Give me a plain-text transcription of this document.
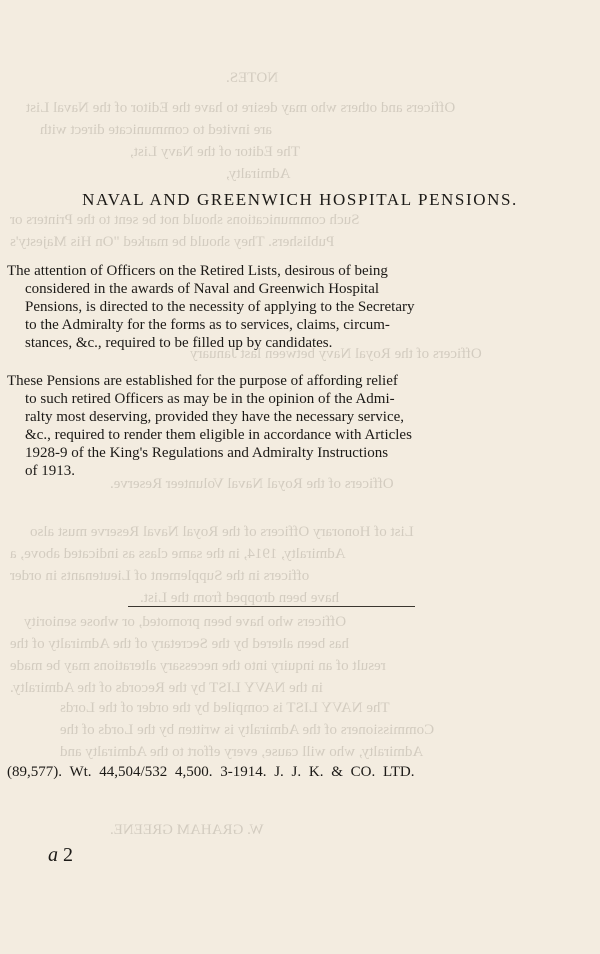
NOTES.
Officers and others who may desire to have the Editor of the Naval List
are invited to communicate direct with
The Editor of the Navy List,
Admiralty,
Such communications should not be sent to the Printers or
Publishers. They should be marked "On His Majesty's
Officers of the Royal Navy between last January
Officers of the Royal Naval Volunteer Reserve.
List of Honorary Officers of the Royal Naval Reserve must also
Admiralty, 1914, in the same class as indicated above, a
officers in the Supplement of Lieutenants in order
have been dropped from the List.
Officers who have been promoted, or whose seniority
has been altered by the Secretary of the Admiralty of the
result of an inquiry into the necessary alterations may be made
in the NAVY LIST by the Records of the Admiralty.
The NAVY LIST is compiled by the order of the Lords
Commissioners of the Admiralty is written by the Lords of the
Admiralty, who will cause, every effort to the Admiralty and
W. GRAHAM GREENE.
NAVAL AND GREENWICH HOSPITAL PENSIONS.
The attention of Officers on the Retired Lists, desirous of being
considered in the awards of Naval and Greenwich Hospital
Pensions, is directed to the necessity of applying to the Secretary
to the Admiralty for the forms as to services, claims, circum-
stances, &c., required to be filled up by candidates.
These Pensions are established for the purpose of affording relief
to such retired Officers as may be in the opinion of the Admi-
ralty most deserving, provided they have the necessary service,
&c., required to render them eligible in accordance with Articles
1928-9 of the King's Regulations and Admiralty Instructions
of 1913.
(89,577). Wt. 44,504/532 4,500. 3-1914. J. J. K. & CO. LTD.
a 2
